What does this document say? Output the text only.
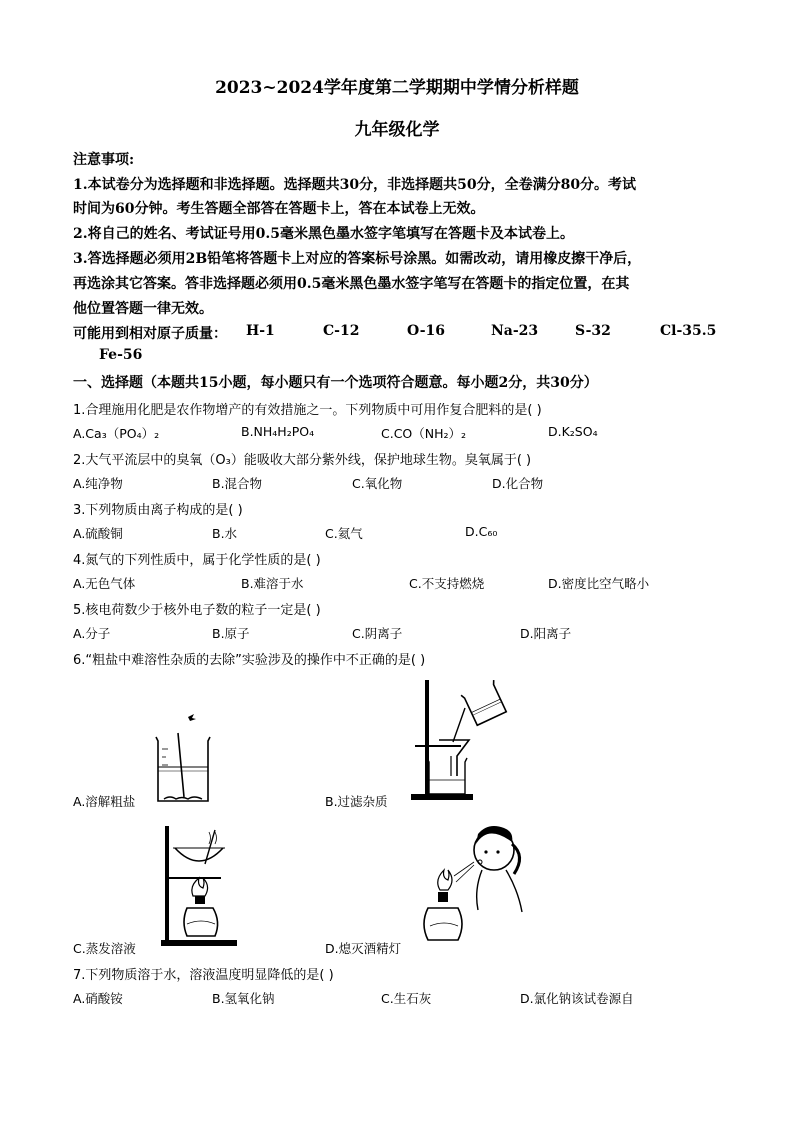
2023~2024学年度第二学期期中学情分析样题
九年级化学
注意事项:
1.本试卷分为选择题和非选择题。选择题共30分，非选择题共50分，全卷满分80分。考试
时间为60分钟。考生答题全部答在答题卡上，答在本试卷上无效。
2.将自己的姓名、考试证号用0.5毫米黑色墨水签字笔填写在答题卡及本试卷上。
3.答选择题必须用2B铅笔将答题卡上对应的答案标号涂黑。如需改动，请用橡皮擦干净后，
再选涂其它答案。答非选择题必须用0.5毫米黑色墨水签字笔写在答题卡的指定位置，在其
他位置答题一律无效。
可能用到相对原子质量： H-1	C-12	O-16	Na-23	S-32	Cl-35.5
Fe-56
一、选择题（本题共15小题，每小题只有一个选项符合题意。每小题2分，共30分）
1.合理施用化肥是农作物增产的有效措施之一。下列物质中可用作复合肥料的是( )
A.Ca₃（PO₄）₂	B.NH₄H₂PO₄	C.CO（NH₂）₂	D.K₂SO₄
2.大气平流层中的臭氧（O₃）能吸收大部分紫外线，保护地球生物。臭氧属于( )
A.纯净物	B.混合物	C.氧化物	D.化合物
3.下列物质由离子构成的是( )
A.硫酸铜	B.水	C.氦气	D.C₆₀
4.氮气的下列性质中，属于化学性质的是( )
A.无色气体	B.难溶于水	C.不支持燃烧	D.密度比空气略小
5.核电荷数少于核外电子数的粒子一定是( )
A.分子	B.原子	C.阴离子	D.阳离子
6.“粗盐中难溶性杂质的去除”实验涉及的操作中不正确的是( )
A.溶解粗盐	B.过滤杂质
C.蒸发溶液	D.熄灭酒精灯
7.下列物质溶于水，溶液温度明显降低的是( )
A.硝酸铵	B.氢氧化钠	C.生石灰	D.氯化钠该试卷源自
